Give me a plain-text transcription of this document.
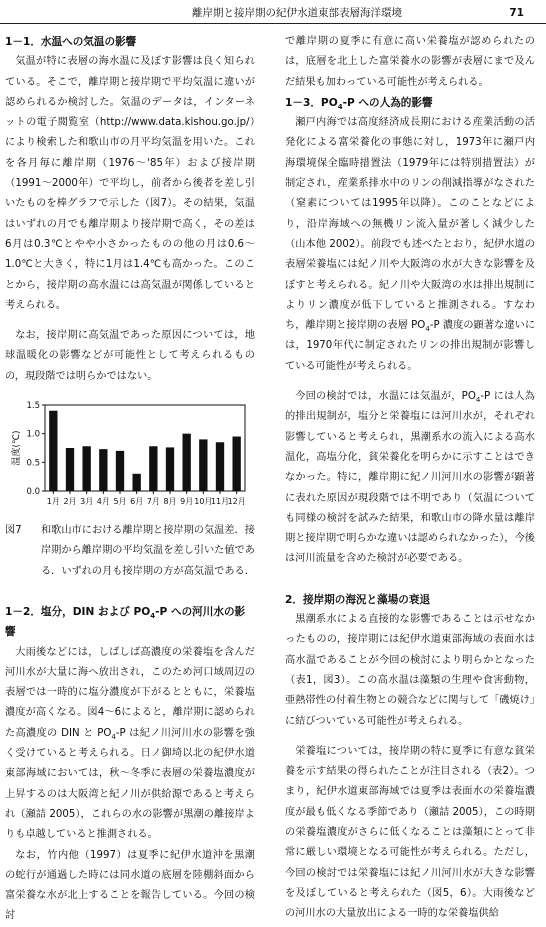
離岸期と接岸期の紀伊水道東部表層海洋環境	71

1－1．水温への気温の影響

気温が特に表層の海水温に及ぼす影響は良く知られている。そこで，離岸期と接岸期で平均気温に違いが認められるか検討した。気温のデータは，インターネットの電子閲覧室（http://www.data.kishou.go.jp/）により検索した和歌山市の月平均気温を用いた。これを各月毎に離岸期（1976～'85年）および接岸期（1991～2000年）で平均し，前者から後者を差し引いたものを棒グラフで示した（図7）。その結果，気温はいずれの月でも離岸期より接岸期で高く，その差は6月は0.3℃とやや小さかったものの他の月は0.6～1.0℃と大きく，特に1月は1.4℃も高かった。このことから，接岸期の高水温には高気温が関係していると考えられる。

なお，接岸期に高気温であった原因については，地球温暖化の影響などが可能性として考えられるものの，現段階では明らかではない。

0.0
0.5
1.0
1.5
温度(℃)
1月 2月 3月 4月 5月 6月 7月 8月 9月 10月
11月
12月
図7	和歌山市における離岸期と接岸期の気温差．接岸期から離岸期の平均気温を差し引いた値である．いずれの月も接岸期の方が高気温である．

1－2．塩分，DIN および $PO_4-P$ への河川水の影響

大雨後などには，しばしば高濃度の栄養塩を含んだ河川水が大量に海へ放出され，このため河口域周辺の表層では一時的に塩分濃度が下がるとともに，栄養塩濃度が高くなる。図4～6によると，離岸期に認められた高濃度の DIN と $PO_4-P$ は紀ノ川河川水の影響を強く受けていると考えられる。日ノ御埼以北の紀伊水道東部海域においては，秋～冬季に表層の栄養塩濃度が上昇するのは大阪湾と紀ノ川が供給源であると考えられ（瀬詰 2005），これらの水の影響が黒潮の離接岸よりも卓越していると推測される。

なお，竹内他（1997）は夏季に紀伊水道沖を黒潮の蛇行が通過した時には同水道の底層を陸棚斜面から富栄養な水が北上することを報告している。今回の検討

で離岸期の夏季に有意に高い栄養塩が認められたのは，底層を北上した富栄養水の影響が表層にまで及んだ結果も加わっている可能性が考えられる。

1－3．$PO_4-P$ への人為的影響

瀬戸内海では高度経済成長期における産業活動の活発化による富栄養化の事態に対し，1973年に瀬戸内海環境保全臨時措置法（1979年には特別措置法）が制定され，産業系排水中のリンの削減指導がなされた（窒素については1995年以降）。このことなどにより，沿岸海域への無機リン流入量が著しく減少した（山本他 2002）。前段でも述べたとおり，紀伊水道の表層栄養塩には紀ノ川や大阪湾の水が大きな影響を及ぼすと考えられる。紀ノ川や大阪湾の水は排出規制によりリン濃度が低下していると推測される。すなわち，離岸期と接岸期の表層 $PO_4-P$ 濃度の顕著な違いには，1970年代に制定されたリンの排出規制が影響している可能性が考えられる。

今回の検討では，水温には気温が，$PO_4-P$ には人為的排出規制が，塩分と栄養塩には河川水が，それぞれ影響していると考えられ，黒潮系水の流入による高水温化，高塩分化，貧栄養化を明らかに示すことはできなかった。特に，離岸期に紀ノ川河川水の影響が顕著に表れた原因が現段階では不明であり（気温についても同様の検討を試みた結果，和歌山市の降水量は離岸期と接岸期で明らかな違いは認められなかった），今後は河川流量を含めた検討が必要である。

2．接岸期の海況と藻場の衰退

黒潮系水による直接的な影響であることは示せなかったものの，接岸期には紀伊水道東部海域の表面水は高水温であることが今回の検討により明らかとなった（表1，図3）。この高水温は藻類の生理や食害動物，亜熱帯性の付着生物との競合などに関与して「磯焼け」に結びついている可能性が考えられる。

栄養塩については，接岸期の特に夏季に有意な貧栄養を示す結果の得られたことが注目される（表2）。つまり，紀伊水道東部海域では夏季は表面水の栄養塩濃度が最も低くなる季節であり（瀬詰 2005），この時期の栄養塩濃度がさらに低くなることは藻類にとって非常に厳しい環境となる可能性が考えられる。ただし，今回の検討では栄養塩には紀ノ川河川水が大きな影響を及ぼしていると考えられた（図5，6）。大雨後などの河川水の大量放出による一時的な栄養塩供給
